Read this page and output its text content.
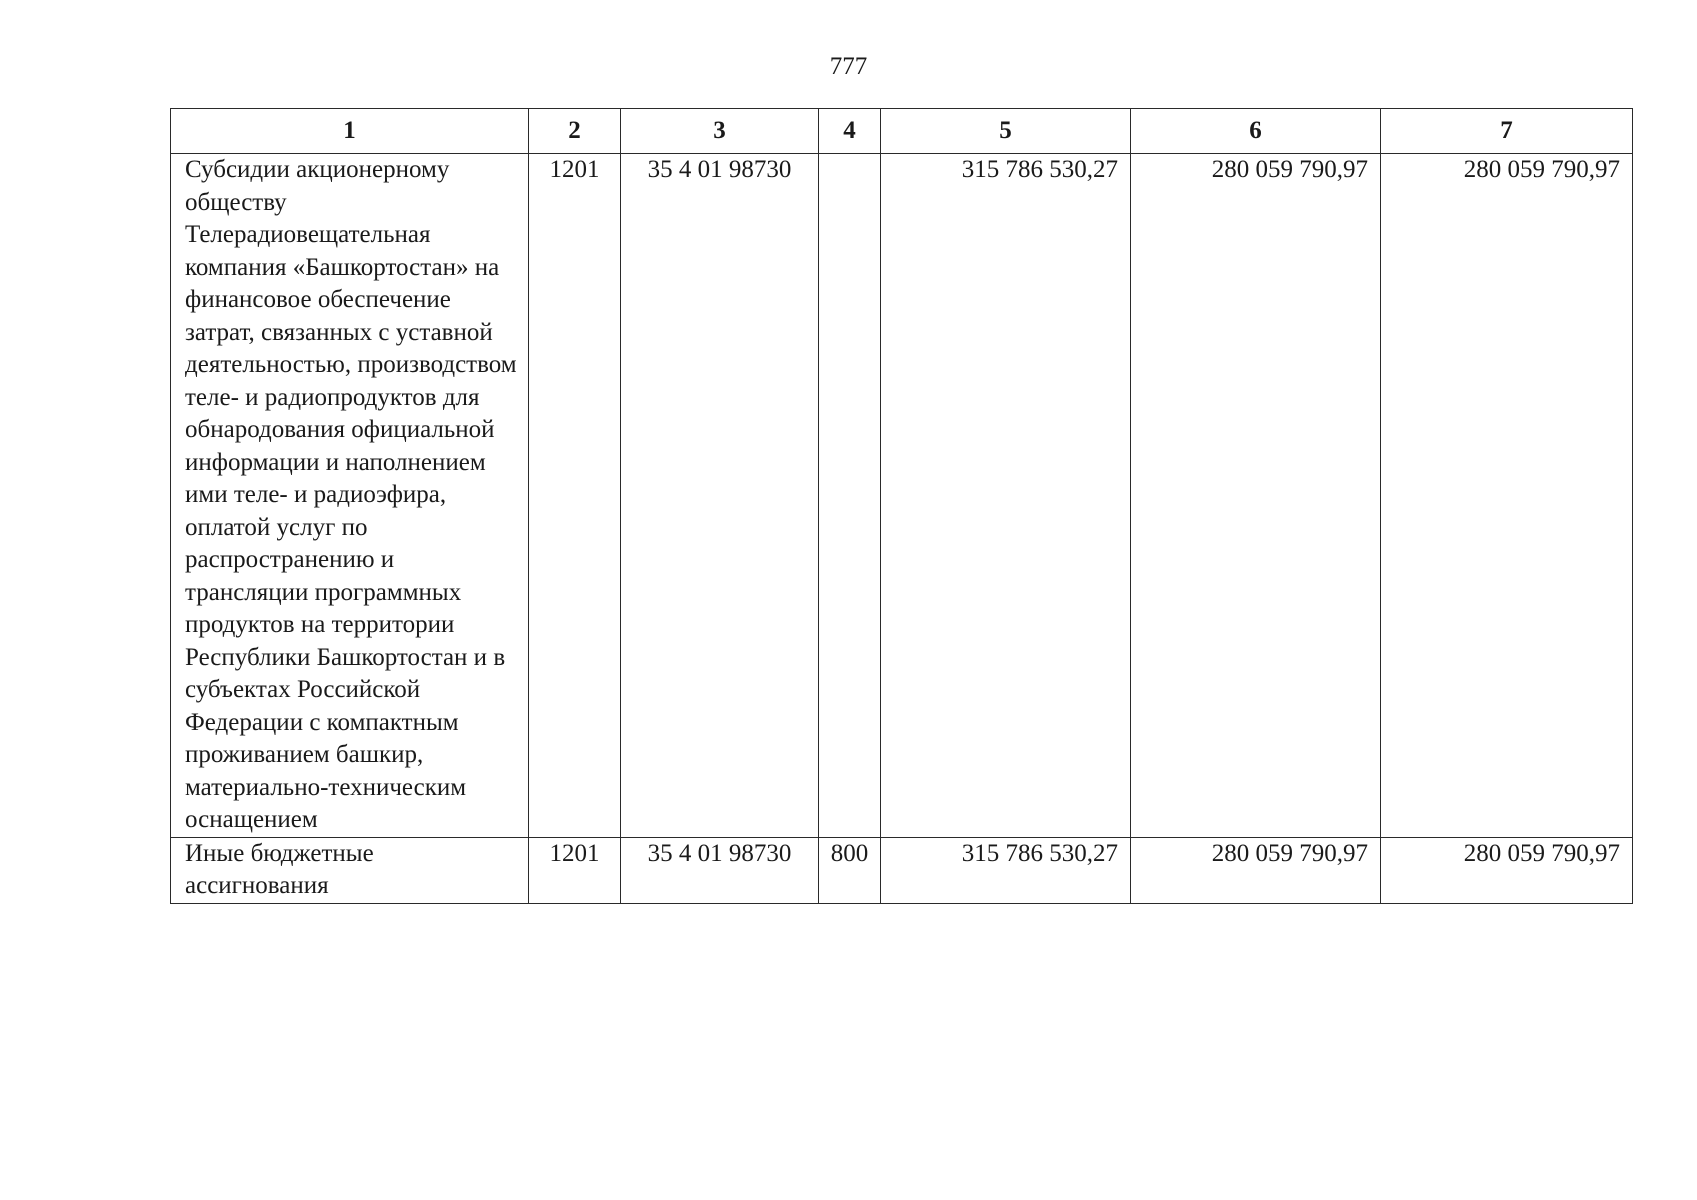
777
1	2	3	4	5	6	7
Субсидии акционерному обществу Телерадиовещательная компания «Башкортостан» на финансовое обеспечение затрат, связанных с уставной деятельностью, производством теле- и радиопродуктов для обнародования официальной информации и наполнением ими теле- и радиоэфира, оплатой услуг по распространению и трансляции программных продуктов на территории Республики Башкортостан и в субъектах Российской Федерации с компактным проживанием башкир, материально-техническим оснащением	1201	35 4 01 98730		315 786 530,27	280 059 790,97	280 059 790,97
Иные бюджетные ассигнования	1201	35 4 01 98730	800	315 786 530,27	280 059 790,97	280 059 790,97
